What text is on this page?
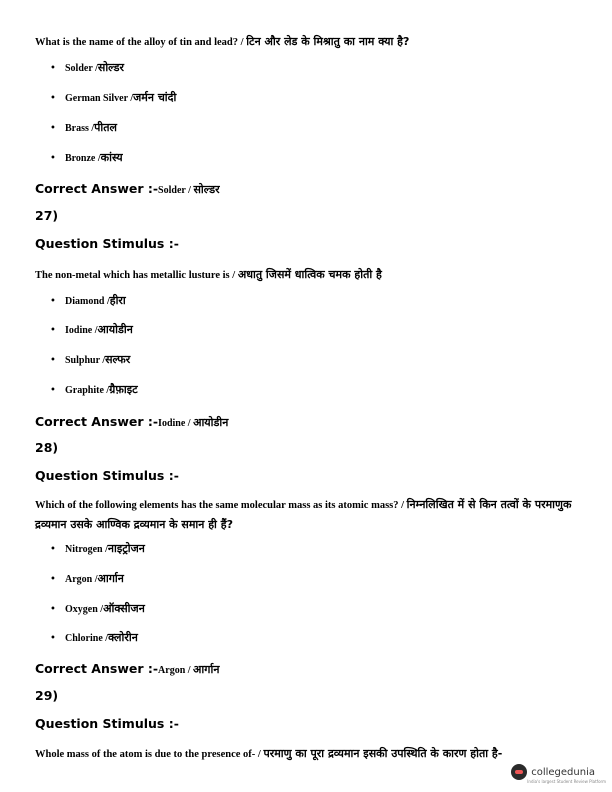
What is the name of the alloy of tin and lead? / टिन और लेड के मिश्रातु का नाम क्या है?
• Solder / सोल्डर
• German Silver / जर्मन चांदी
• Brass / पीतल
• Bronze / कांस्य
Correct Answer :-Solder / सोल्डर
27)
Question Stimulus :-
The non-metal which has metallic lusture is / अधातु जिसमें धात्विक चमक होती है
• Diamond / हीरा
• Iodine / आयोडीन
• Sulphur / सल्फर
• Graphite / ग्रैफ़ाइट
Correct Answer :-Iodine / आयोडीन
28)
Question Stimulus :-
Which of the following elements has the same molecular mass as its atomic mass? / निम्नलिखित में से किन तत्वों के परमाणुक द्रव्यमान उसके आण्विक द्रव्यमान के समान ही हैं?
• Nitrogen / नाइट्रोजन
• Argon / आर्गान
• Oxygen / ऑक्सीजन
• Chlorine / क्लोरीन
Correct Answer :-Argon / आर्गान
29)
Question Stimulus :-
Whole mass of the atom is due to the presence of- / परमाणु का पूरा द्रव्यमान इसकी उपस्थिति के कारण होता है-
collegedunia
India's largest Student Review Platform
